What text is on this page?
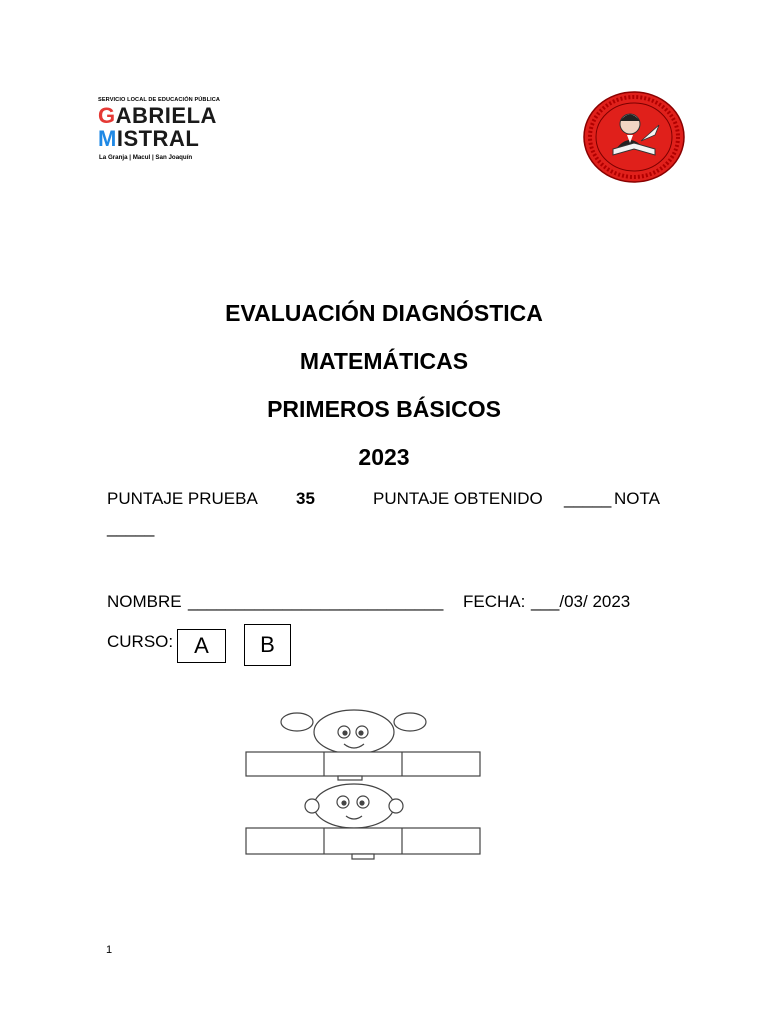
SERVICIO LOCAL DE EDUCACIÓN PÚBLICA
GABRIELA
MISTRAL
La Granja | Macul | San Joaquín
EVALUACIÓN DIAGNÓSTICA
MATEMÁTICAS
PRIMEROS BÁSICOS
2023
PUNTAJE PRUEBA 35	PUNTAJE OBTENIDO _____ NOTA
_____
NOMBRE ___________________________ FECHA: ___/03/ 2023
CURSO: A	B
1
